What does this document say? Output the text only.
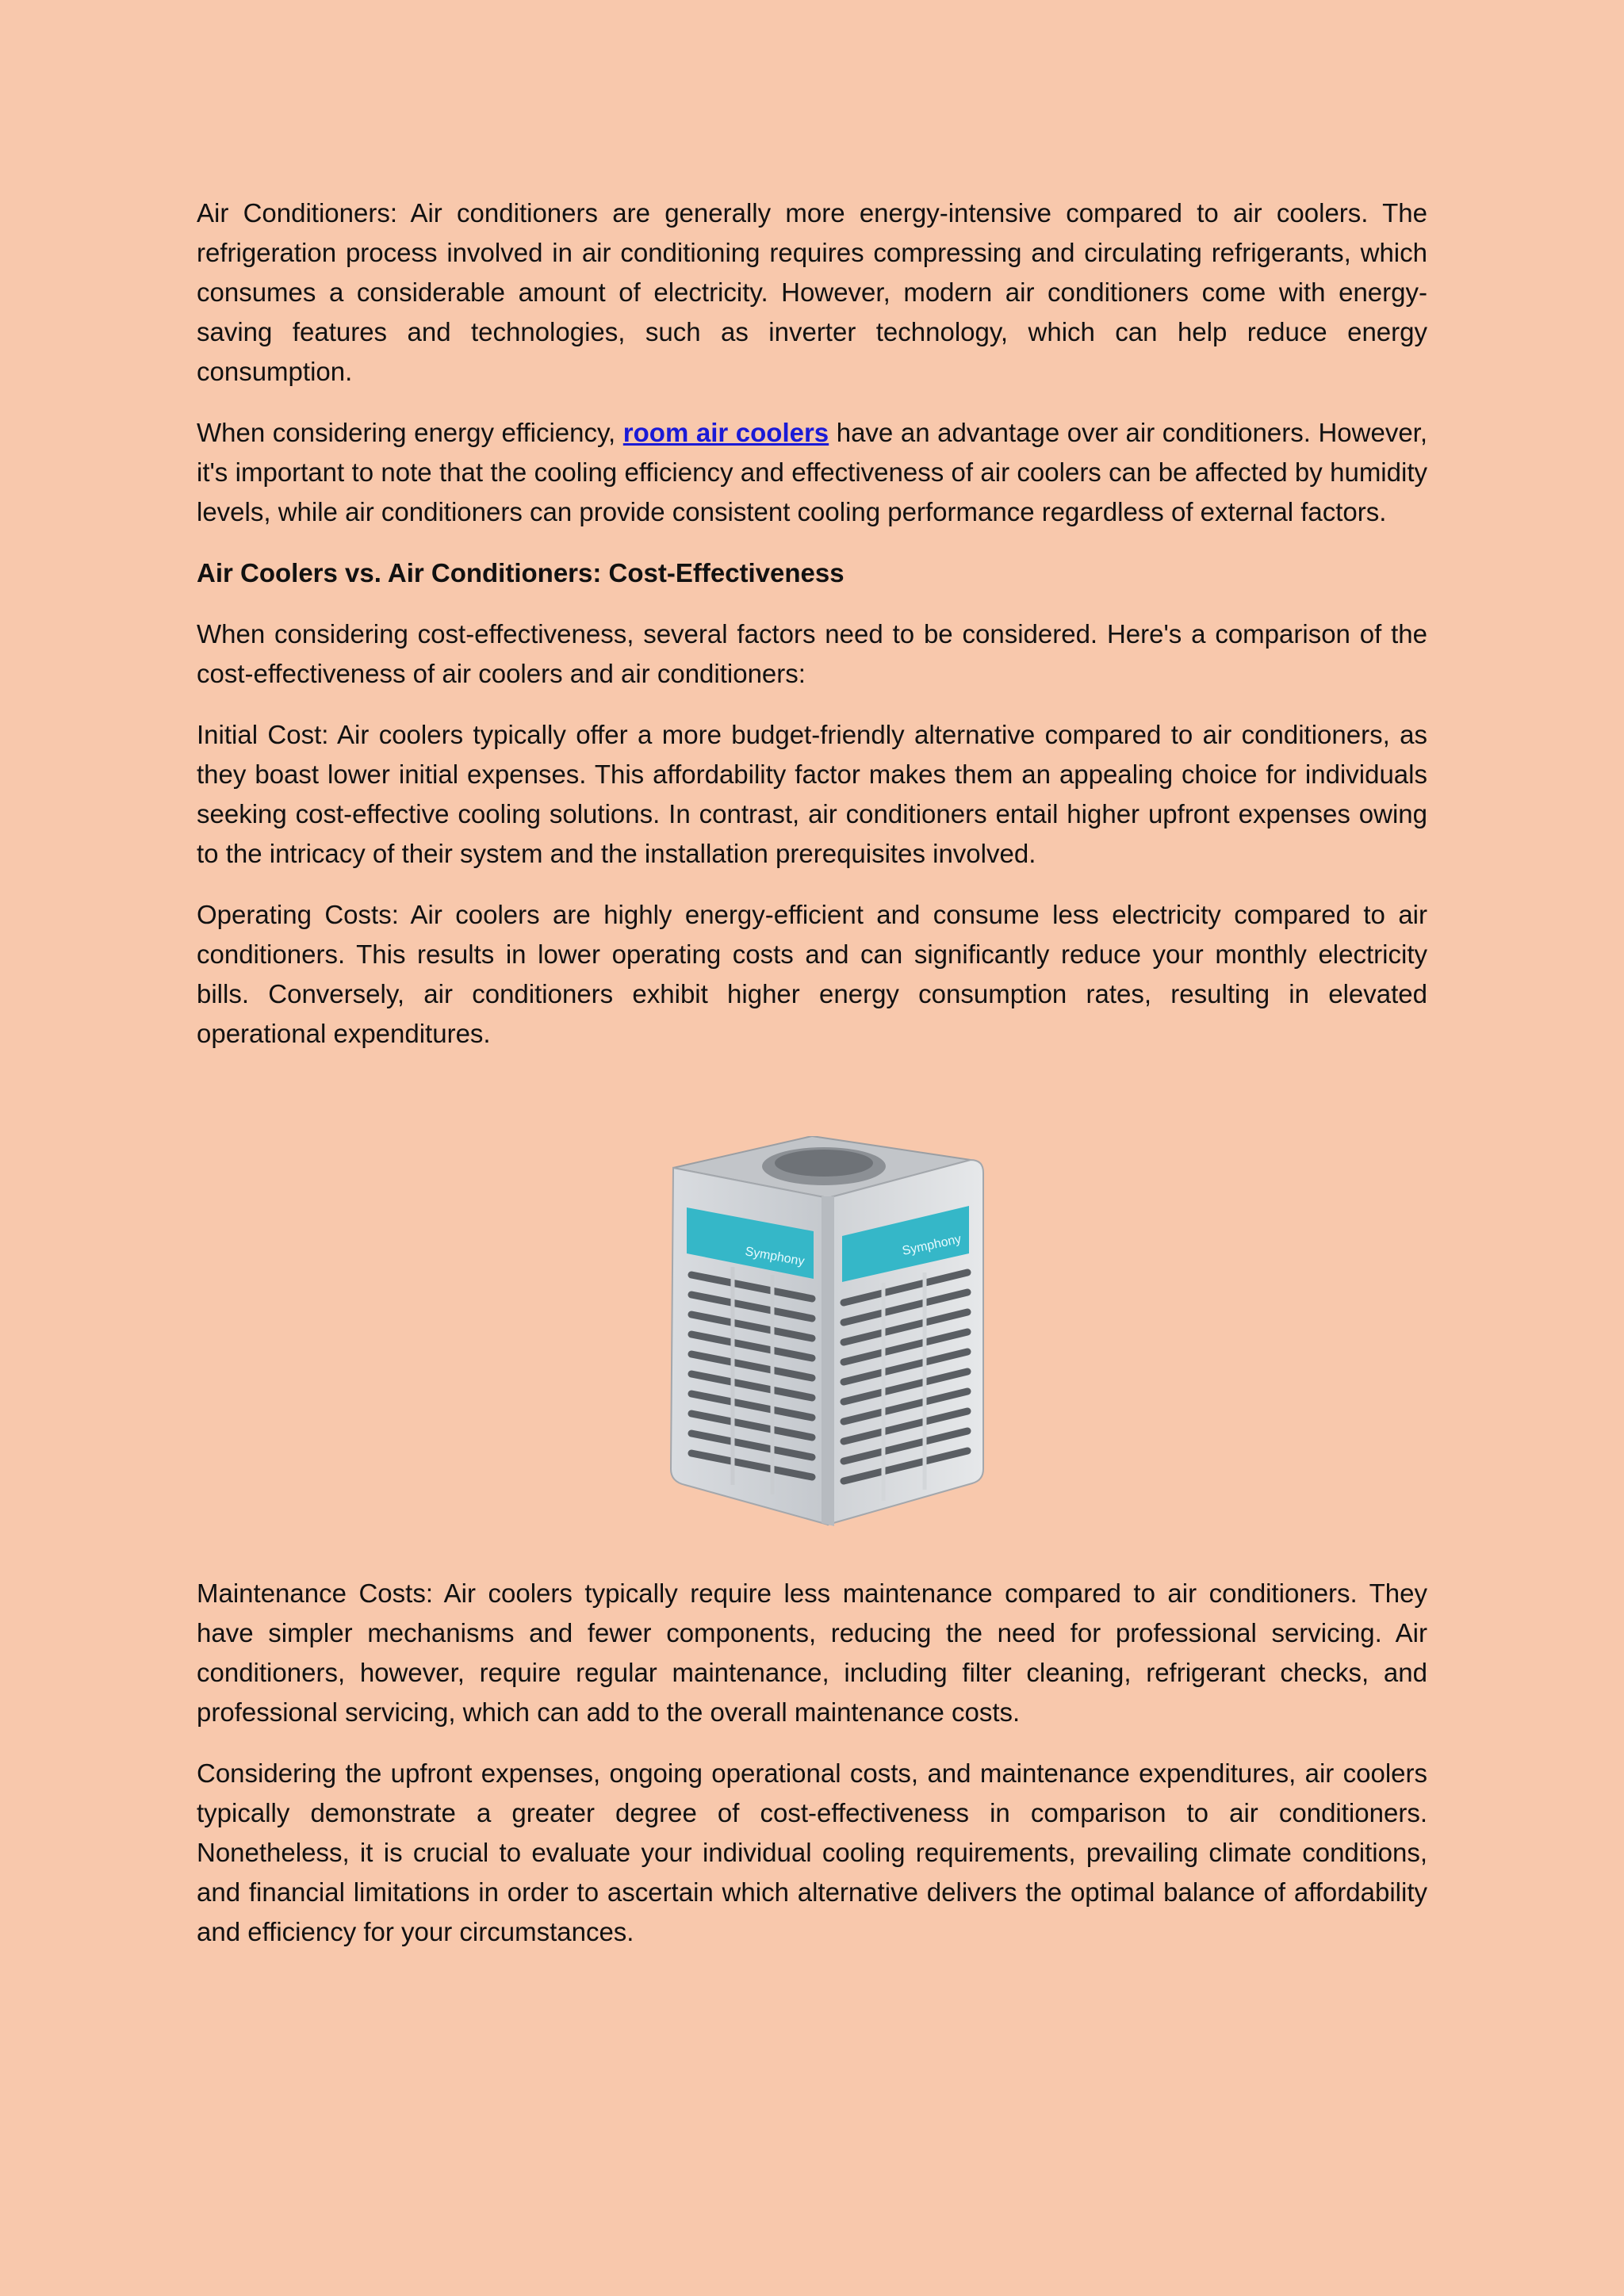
Air Conditioners: Air conditioners are generally more energy-intensive compared to air coolers. The refrigeration process involved in air conditioning requires compressing and circulating refrigerants, which consumes a considerable amount of electricity. However, modern air conditioners come with energy-saving features and technologies, such as inverter technology, which can help reduce energy consumption.

When considering energy efficiency, room air coolers have an advantage over air conditioners. However, it's important to note that the cooling efficiency and effectiveness of air coolers can be affected by humidity levels, while air conditioners can provide consistent cooling performance regardless of external factors.

Air Coolers vs. Air Conditioners: Cost-Effectiveness

When considering cost-effectiveness, several factors need to be considered. Here's a comparison of the cost-effectiveness of air coolers and air conditioners:

Initial Cost: Air coolers typically offer a more budget-friendly alternative compared to air conditioners, as they boast lower initial expenses. This affordability factor makes them an appealing choice for individuals seeking cost-effective cooling solutions. In contrast, air conditioners entail higher upfront expenses owing to the intricacy of their system and the installation prerequisites involved.

Operating Costs: Air coolers are highly energy-efficient and consume less electricity compared to air conditioners. This results in lower operating costs and can significantly reduce your monthly electricity bills. Conversely, air conditioners exhibit higher energy consumption rates, resulting in elevated operational expenditures.

Symphony	Symphony

Maintenance Costs: Air coolers typically require less maintenance compared to air conditioners. They have simpler mechanisms and fewer components, reducing the need for professional servicing. Air conditioners, however, require regular maintenance, including filter cleaning, refrigerant checks, and professional servicing, which can add to the overall maintenance costs.

Considering the upfront expenses, ongoing operational costs, and maintenance expenditures, air coolers typically demonstrate a greater degree of cost-effectiveness in comparison to air conditioners. Nonetheless, it is crucial to evaluate your individual cooling requirements, prevailing climate conditions, and financial limitations in order to ascertain which alternative delivers the optimal balance of affordability and efficiency for your circumstances.
